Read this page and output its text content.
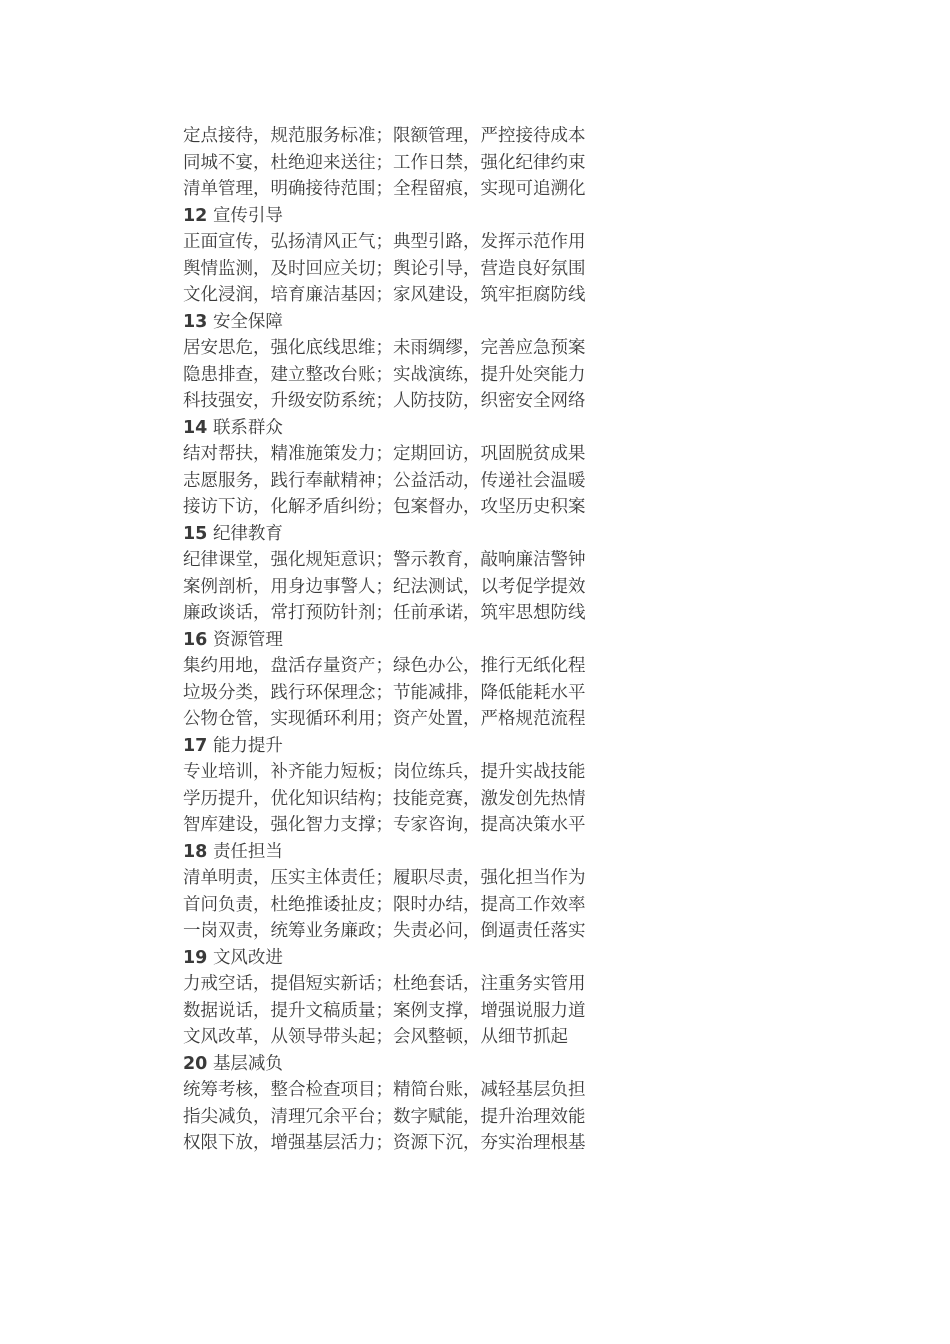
定点接待，规范服务标准；限额管理，严控接待成本
同城不宴，杜绝迎来送往；工作日禁，强化纪律约束
清单管理，明确接待范围；全程留痕，实现可追溯化
12 宣传引导
正面宣传，弘扬清风正气；典型引路，发挥示范作用
舆情监测，及时回应关切；舆论引导，营造良好氛围
文化浸润，培育廉洁基因；家风建设，筑牢拒腐防线
13 安全保障
居安思危，强化底线思维；未雨绸缪，完善应急预案
隐患排查，建立整改台账；实战演练，提升处突能力
科技强安，升级安防系统；人防技防，织密安全网络
14 联系群众
结对帮扶，精准施策发力；定期回访，巩固脱贫成果
志愿服务，践行奉献精神；公益活动，传递社会温暖
接访下访，化解矛盾纠纷；包案督办，攻坚历史积案
15 纪律教育
纪律课堂，强化规矩意识；警示教育，敲响廉洁警钟
案例剖析，用身边事警人；纪法测试，以考促学提效
廉政谈话，常打预防针剂；任前承诺，筑牢思想防线
16 资源管理
集约用地，盘活存量资产；绿色办公，推行无纸化程
垃圾分类，践行环保理念；节能减排，降低能耗水平
公物仓管，实现循环利用；资产处置，严格规范流程
17 能力提升
专业培训，补齐能力短板；岗位练兵，提升实战技能
学历提升，优化知识结构；技能竞赛，激发创先热情
智库建设，强化智力支撑；专家咨询，提高决策水平
18 责任担当
清单明责，压实主体责任；履职尽责，强化担当作为
首问负责，杜绝推诿扯皮；限时办结，提高工作效率
一岗双责，统筹业务廉政；失责必问，倒逼责任落实
19 文风改进
力戒空话，提倡短实新话；杜绝套话，注重务实管用
数据说话，提升文稿质量；案例支撑，增强说服力道
文风改革，从领导带头起；会风整顿，从细节抓起
20 基层减负
统筹考核，整合检查项目；精简台账，减轻基层负担
指尖减负，清理冗余平台；数字赋能，提升治理效能
权限下放，增强基层活力；资源下沉，夯实治理根基
